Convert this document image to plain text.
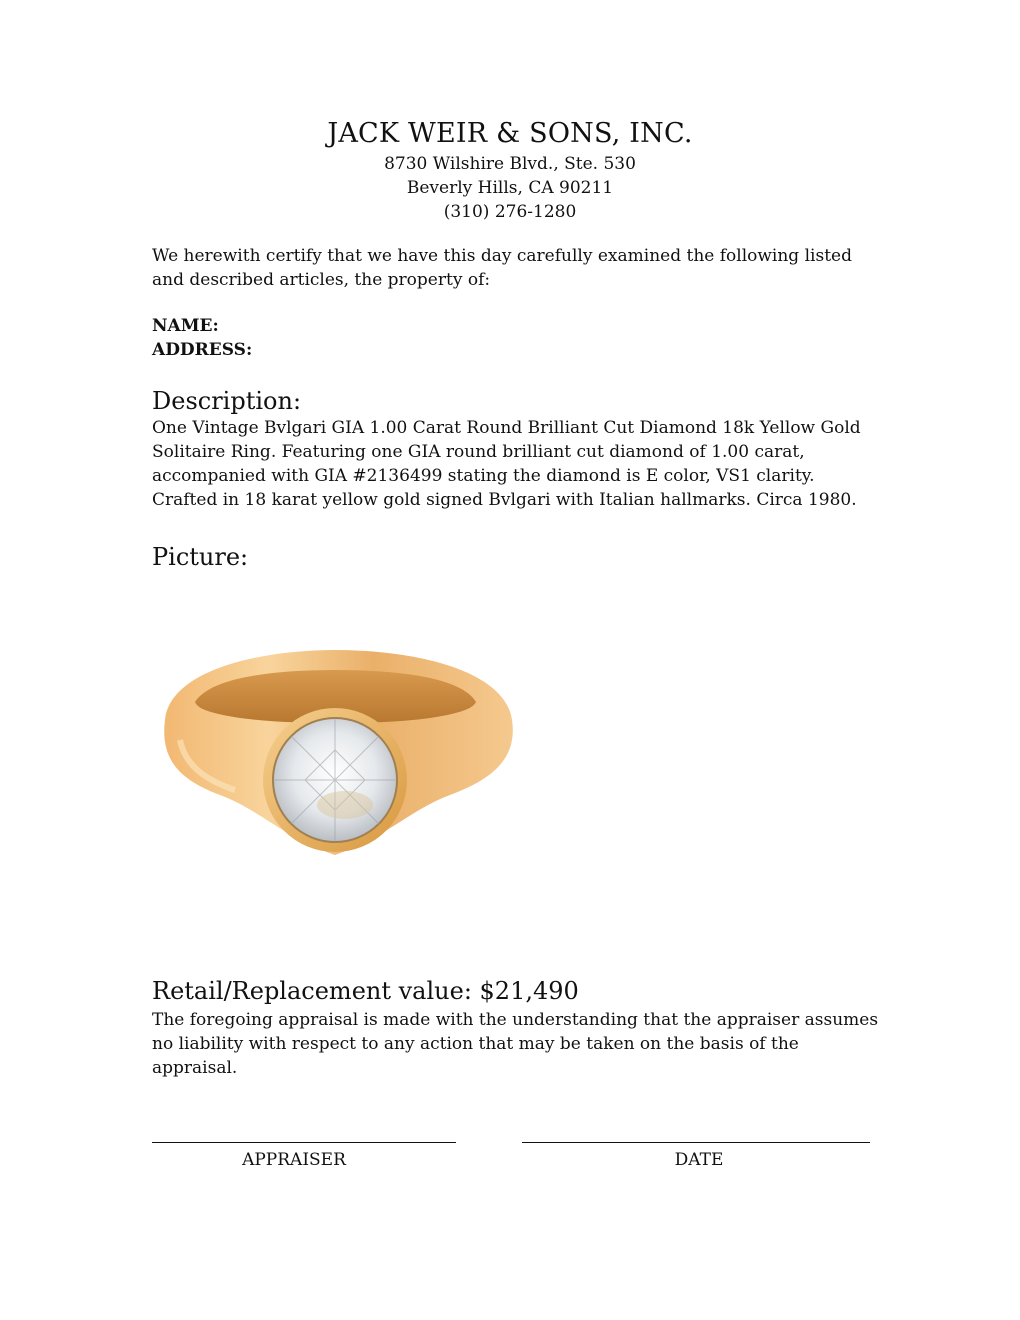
JACK WEIR & SONS, INC.
8730 Wilshire Blvd., Ste. 530
Beverly Hills, CA 90211
(310) 276-1280
We herewith certify that we have this day carefully examined the following listed and described articles, the property of:
NAME:
ADDRESS:
Description:
One Vintage Bvlgari GIA 1.00 Carat Round Brilliant Cut Diamond 18k Yellow Gold Solitaire Ring. Featuring one GIA round brilliant cut diamond of 1.00 carat, accompanied with GIA #2136499 stating the diamond is E color, VS1 clarity. Crafted in 18 karat yellow gold signed Bvlgari with Italian hallmarks. Circa 1980.
Picture:
Retail/Replacement value: $21,490
The foregoing appraisal is made with the understanding that the appraiser assumes no liability with respect to any action that may be taken on the basis of the appraisal.
APPRAISER	DATE
